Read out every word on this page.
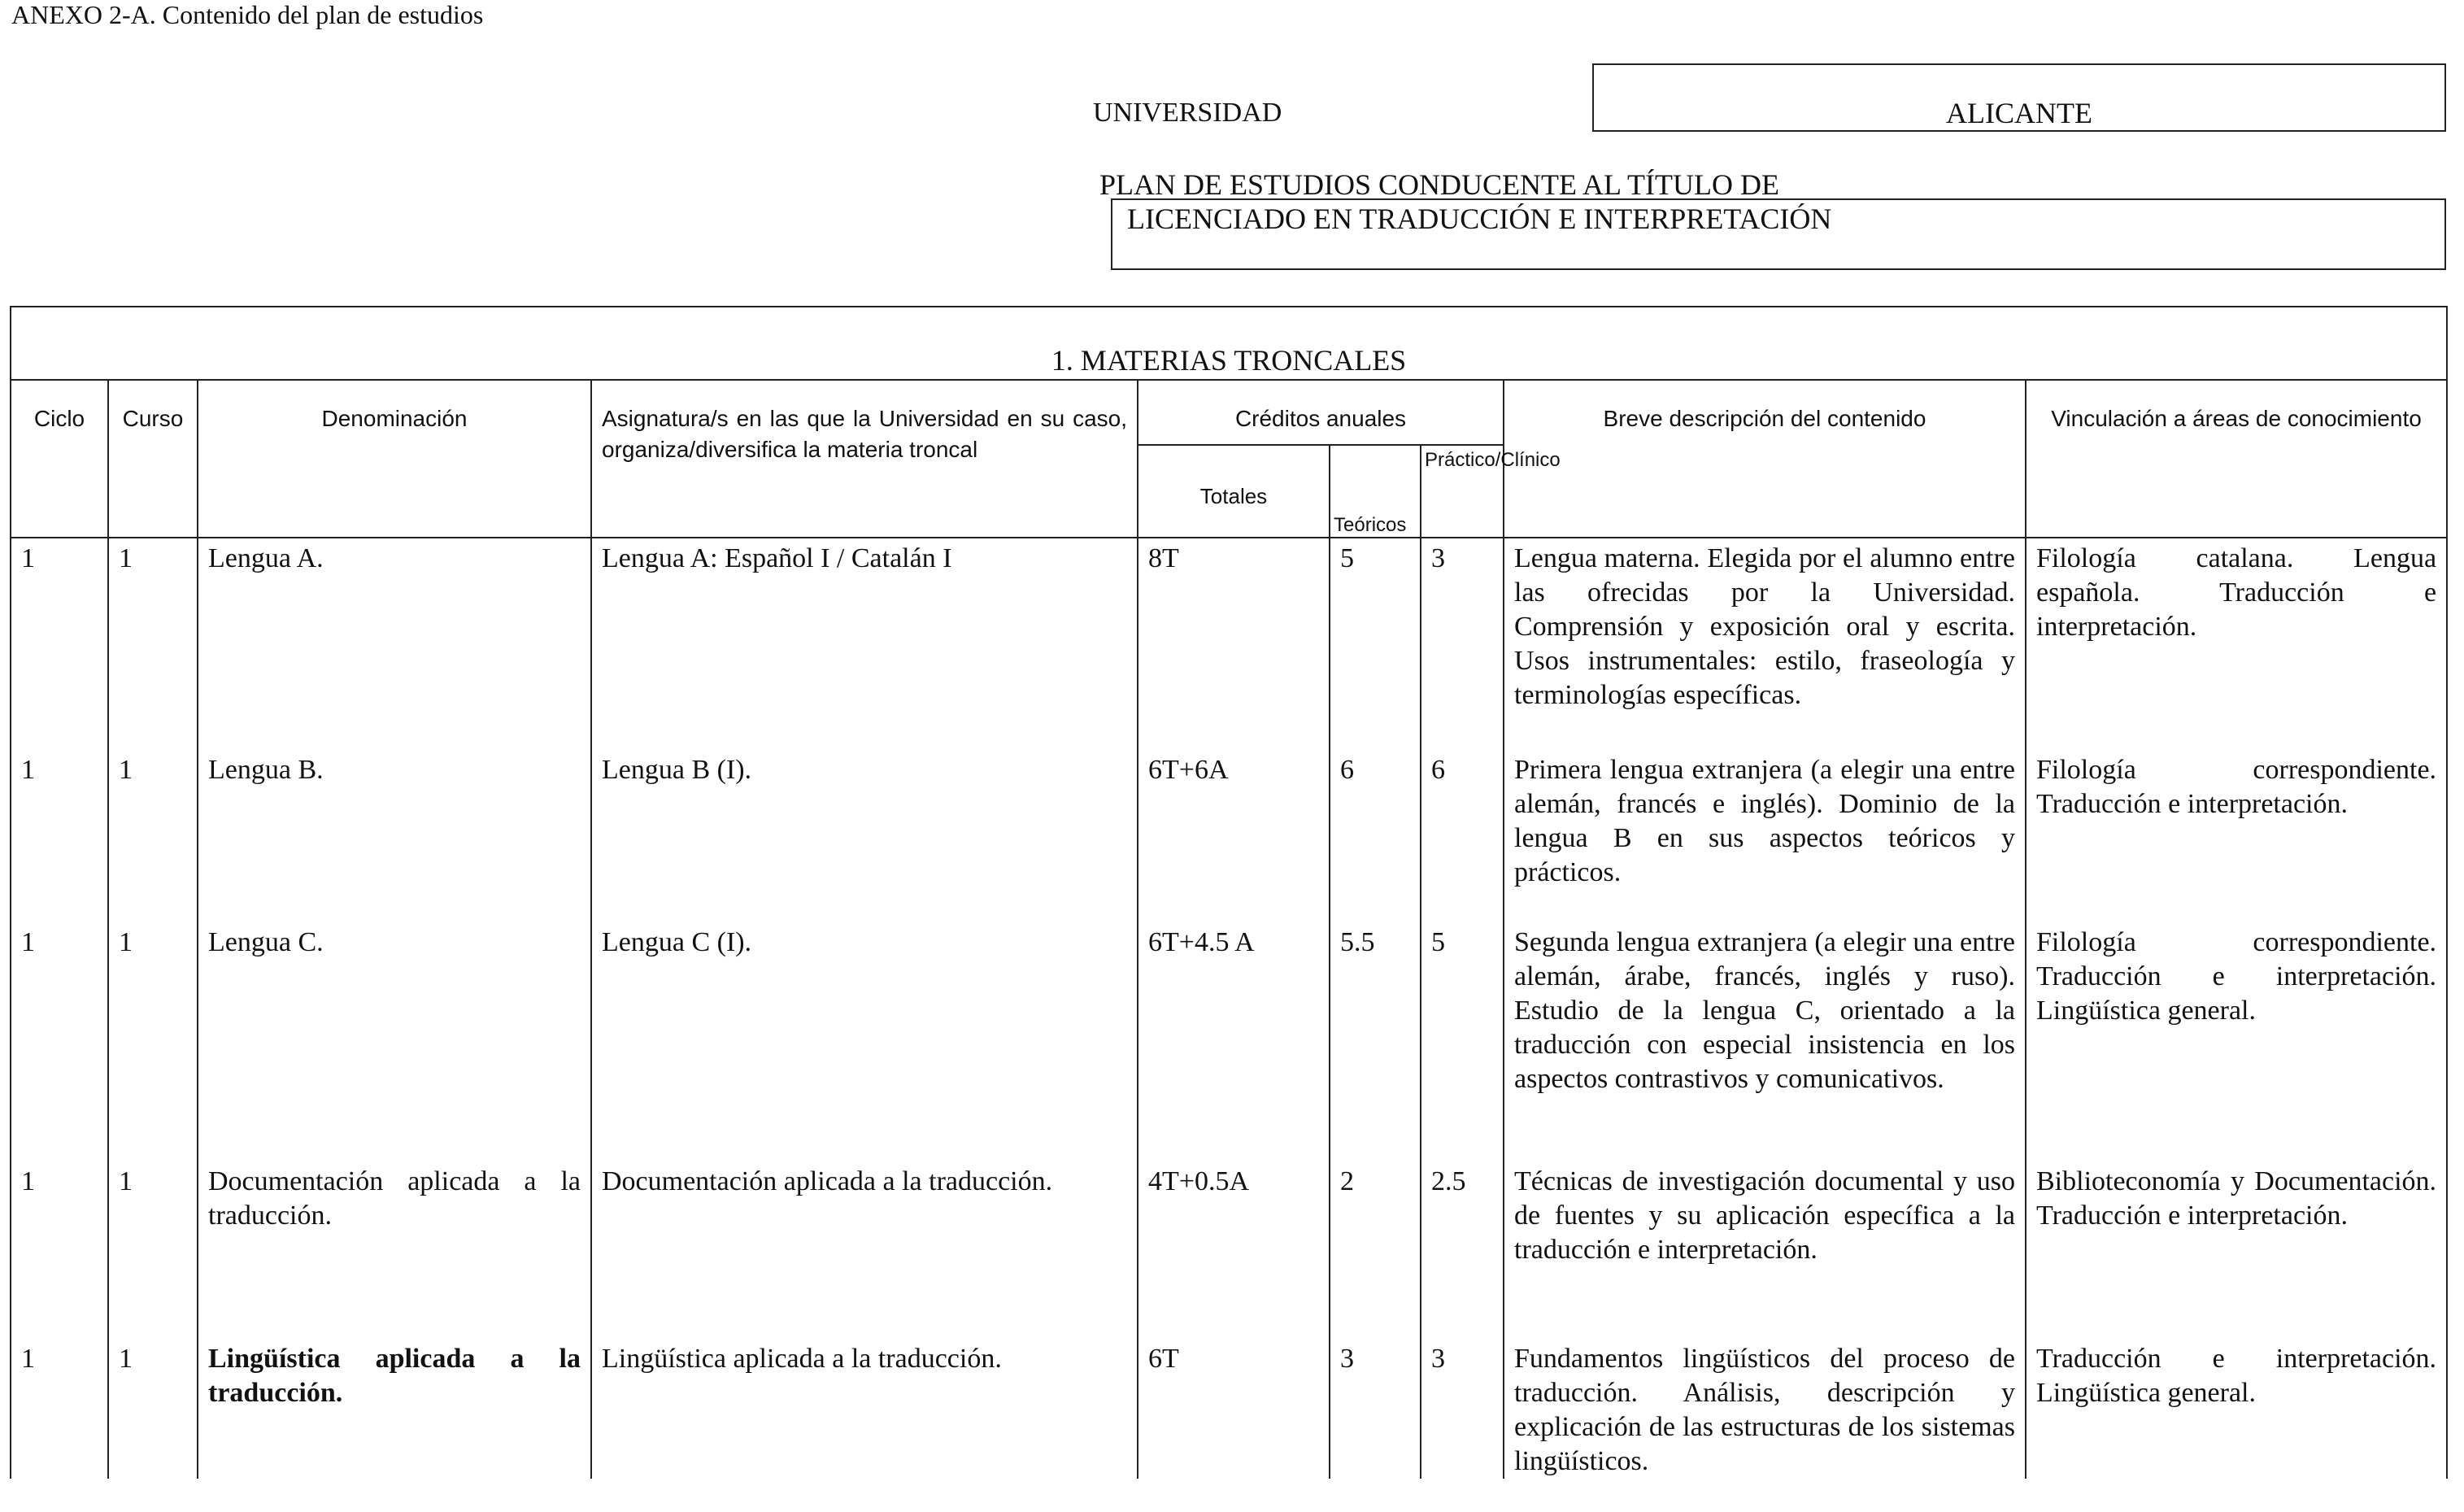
ANEXO 2-A. Contenido del plan de estudios
UNIVERSIDAD	ALICANTE
PLAN DE ESTUDIOS CONDUCENTE AL TÍTULO DE
LICENCIADO EN TRADUCCIÓN E INTERPRETACIÓN
1. MATERIAS TRONCALES								
Ciclo	Curso	Denominación	Asignatura/s en las que la Universidad en su caso, organiza/diversifica la materia troncal	Créditos anuales			Breve descripción del contenido	Vinculación a áreas de conocimiento
				Totales	Teóricos	Práctico/Clínico		
1	1	Lengua A.	Lengua A: Español I / Catalán I	8T	5	3	Lengua materna. Elegida por el alumno entre las ofrecidas por la Universidad. Comprensión y exposición oral y escrita. Usos instrumentales: estilo, fraseología y terminologías específicas.	Filología catalana. Lengua española. Traducción e interpretación.
1	1	Lengua B.	Lengua B (I).	6T+6A	6	6	Primera lengua extranjera (a elegir una entre alemán, francés e inglés). Dominio de la lengua B en sus aspectos teóricos y prácticos.	Filología correspondiente. Traducción e interpretación.
1	1	Lengua C.	Lengua C (I).	6T+4.5 A	5.5	5	Segunda lengua extranjera (a elegir una entre alemán, árabe, francés, inglés y ruso). Estudio de la lengua C, orientado a la traducción con especial insistencia en los aspectos contrastivos y comunicativos.	Filología correspondiente. Traducción e interpretación. Lingüística general.
1	1	Documentación aplicada a la traducción.	Documentación aplicada a la traducción.	4T+0.5A	2	2.5	Técnicas de investigación documental y uso de fuentes y su aplicación específica a la traducción e interpretación.	Biblioteconomía y Documentación. Traducción e interpretación.
1	1	Lingüística aplicada a la traducción.	Lingüística aplicada a la traducción.	6T	3	3	Fundamentos lingüísticos del proceso de traducción. Análisis, descripción y explicación de las estructuras de los sistemas lingüísticos.	Traducción e interpretación. Lingüística general.
